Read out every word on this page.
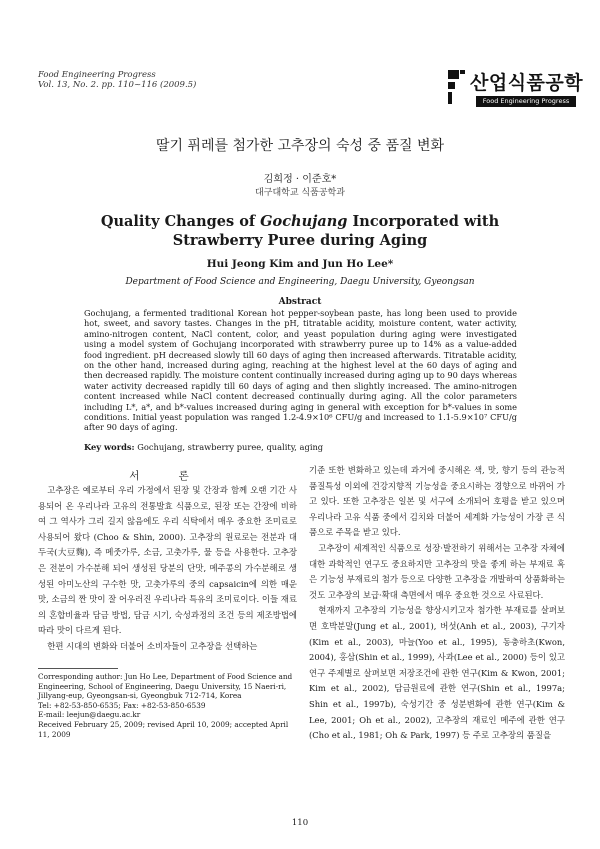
Food Engineering Progress
Vol. 13, No. 2. pp. 110~116 (2009.5)	산업식품공학
Food Engineering Progress
딸기 퓌레를 첨가한 고추장의 숙성 중 품질 변화
김희정 · 이준호*
대구대학교 식품공학과
Quality Changes of Gochujang Incorporated with Strawberry Puree during Aging
Hui Jeong Kim and Jun Ho Lee*
Department of Food Science and Engineering, Daegu University, Gyeongsan
Abstract

Gochujang, a fermented traditional Korean hot pepper-soybean paste, has long been used to provide hot, sweet, and savory tastes. Changes in the pH, titratable acidity, moisture content, water activity, amino-nitrogen content, NaCl content, color, and yeast population during aging were investigated using a model system of Gochujang incorporated with strawberry puree up to 14% as a value-added food ingredient. pH decreased slowly till 60 days of aging then increased afterwards. Titratable acidity, on the other hand, increased during aging, reaching at the highest level at the 60 days of aging and then decreased rapidly. The moisture content continually increased during aging up to 90 days whereas water activity decreased rapidly till 60 days of aging and then slightly increased. The amino-nitrogen content increased while NaCl content decreased continually during aging. All the color parameters including L*, a*, and b*-values increased during aging in general with exception for b*-values in some conditions. Initial yeast population was ranged 1.2-4.9×10⁶ CFU/g and increased to 1.1-5.9×10⁷ CFU/g after 90 days of aging.

Key words: Gochujang, strawberry puree, quality, aging
서 론

고추장은 예로부터 우리 가정에서 된장 및 간장과 함께 오랜 기간 사용되어 온 우리나라 고유의 전통발효 식품으로, 된장 또는 간장에 비하여 그 역사가 그리 길지 않음에도 우리 식탁에서 매우 중요한 조미료로 사용되어 왔다 (Choo & Shin, 2000). 고추장의 원료로는 전분과 대두국(大豆麴), 즉 메줏가루, 소금, 고춧가루, 물 등을 사용한다. 고추장은 전분이 가수분해 되어 생성된 당분의 단맛, 메주콩의 가수분해로 생성된 아미노산의 구수한 맛, 고춧가루의 중의 capsaicin에 의한 매운맛, 소금의 짠 맛이 잘 어우러진 우리나라 특유의 조미료이다. 이들 재료의 혼합비율과 담금 방법, 담금 시기, 숙성과정의 조건 등의 제조방법에 따라 맛이 다르게 된다.

한편 시대의 변화와 더불어 소비자들이 고추장을 선택하는

기준 또한 변화하고 있는데 과거에 중시해온 색, 맛, 향기 등의 관능적 품질특성 이외에 건강지향적 기능성을 중요시하는 경향으로 바뀌어 가고 있다. 또한 고추장은 일본 및 서구에 소개되어 호평을 받고 있으며 우리나라 고유 식품 중에서 김치와 더불어 세계화 가능성이 가장 큰 식품으로 주목을 받고 있다.

고추장이 세계적인 식품으로 성장·발전하기 위해서는 고추장 자체에 대한 과학적인 연구도 중요하지만 고추장의 맛을 좋게 하는 부재료 혹은 기능성 부재료의 첨가 등으로 다양한 고추장을 개발하여 상품화하는 것도 고추장의 보급·확대 측면에서 매우 중요한 것으로 사료된다.

현재까지 고추장의 기능성을 향상시키고자 첨가한 부재료를 살펴보면 호박분말(Jung et al., 2001), 버섯(Anh et al., 2003), 구기자(Kim et al., 2003), 마늘(Yoo et al., 1995), 동충하초(Kwon, 2004), 홍삼(Shin et al., 1999), 사과(Lee et al., 2000) 등이 있고 연구 주제별로 살펴보면 저장조건에 관한 연구(Kim & Kwon, 2001; Kim et al., 2002), 담금원료에 관한 연구(Shin et al., 1997a; Shin et al., 1997b), 숙성기간 중 성분변화에 관한 연구(Kim & Lee, 2001; Oh et al., 2002), 고추장의 재료인 메주에 관한 연구(Cho et al., 1981; Oh & Park, 1997) 등 주로 고추장의 품질을

Corresponding author: Jun Ho Lee, Department of Food Science and Engineering, School of Engineering, Daegu University, 15 Naeri-ri, Jillyang-eup, Gyeongsan-si, Gyeongbuk 712-714, Korea
Tel: +82-53-850-6535; Fax: +82-53-850-6539
E-mail: leejun@daegu.ac.kr
Received February 25, 2009; revised April 10, 2009; accepted April 11, 2009
110
